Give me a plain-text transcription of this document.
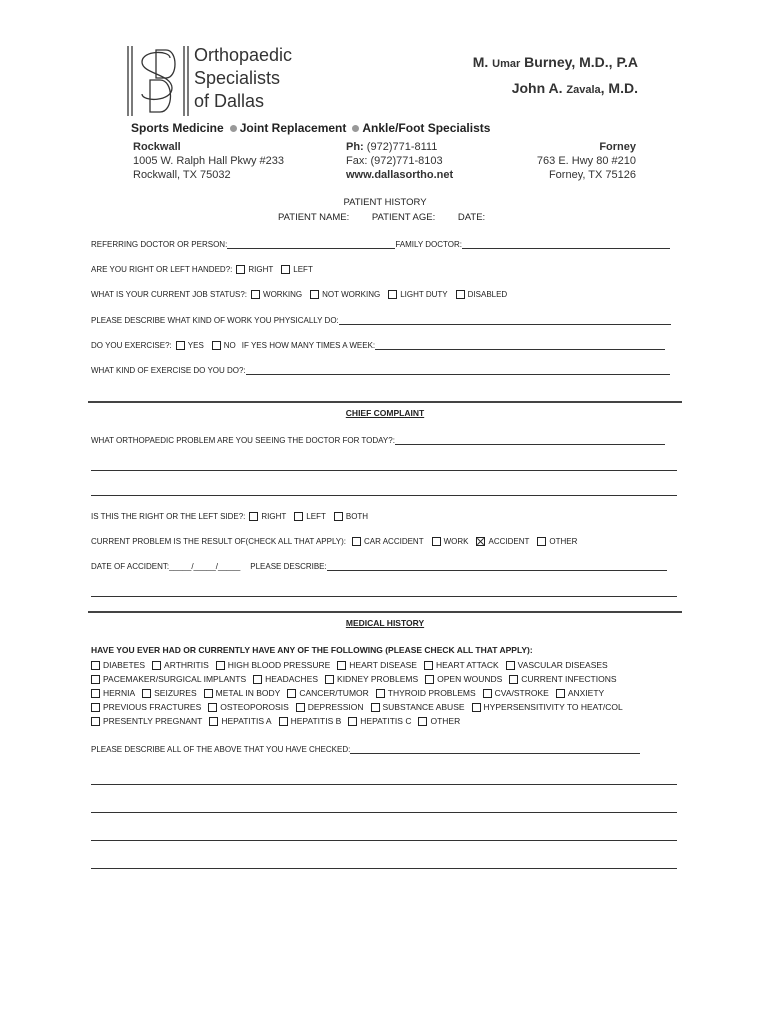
Orthopaedic
Specialists
of Dallas
M. Umar Burney, M.D., P.A
John A. Zavala, M.D.
Sports Medicine Joint Replacement Ankle/Foot Specialists
Rockwall
1005 W. Ralph Hall Pkwy #233
Rockwall, TX 75032
Ph: (972)771-8111
Fax: (972)771-8103
www.dallasortho.net
Forney
763 E. Hwy 80 #210
Forney, TX 75126
PATIENT HISTORY
PATIENT NAME: PATIENT AGE: DATE:
REFERRING DOCTOR OR PERSON:	FAMILY DOCTOR:
ARE YOU RIGHT OR LEFT HANDED?: RIGHT	LEFT
WHAT IS YOUR CURRENT JOB STATUS?: WORKING	NOT WORKING	LIGHT DUTY	DISABLED
PLEASE DESCRIBE WHAT KIND OF WORK YOU PHYSICALLY DO:
DO YOU EXERCISE?: YES	NO IF YES HOW MANY TIMES A WEEK:
WHAT KIND OF EXERCISE DO YOU DO?:
CHIEF COMPLAINT
WHAT ORTHOPAEDIC PROBLEM ARE YOU SEEING THE DOCTOR FOR TODAY?:
IS THIS THE RIGHT OR THE LEFT SIDE?: RIGHT	LEFT	BOTH
CURRENT PROBLEM IS THE RESULT OF(CHECK ALL THAT APPLY): CAR ACCIDENT	WORK	ACCIDENT	OTHER
DATE OF ACCIDENT:_____/_____/_____ PLEASE DESCRIBE:
MEDICAL HISTORY
HAVE YOU EVER HAD OR CURRENTLY HAVE ANY OF THE FOLLOWING (PLEASE CHECK ALL THAT APPLY):
DIABETES ARTHRITIS HIGH BLOOD PRESSURE HEART DISEASE HEART ATTACK VASCULAR DISEASES
PACEMAKER/SURGICAL IMPLANTS HEADACHES KIDNEY PROBLEMS OPEN WOUNDS CURRENT INFECTIONS
HERNIA SEIZURES METAL IN BODY CANCER/TUMOR THYROID PROBLEMS CVA/STROKE ANXIETY
PREVIOUS FRACTURES OSTEOPOROSIS DEPRESSION SUBSTANCE ABUSE HYPERSENSITIVITY TO HEAT/COL
PRESENTLY PREGNANT HEPATITIS A HEPATITIS B HEPATITIS C OTHER
PLEASE DESCRIBE ALL OF THE ABOVE THAT YOU HAVE CHECKED:
